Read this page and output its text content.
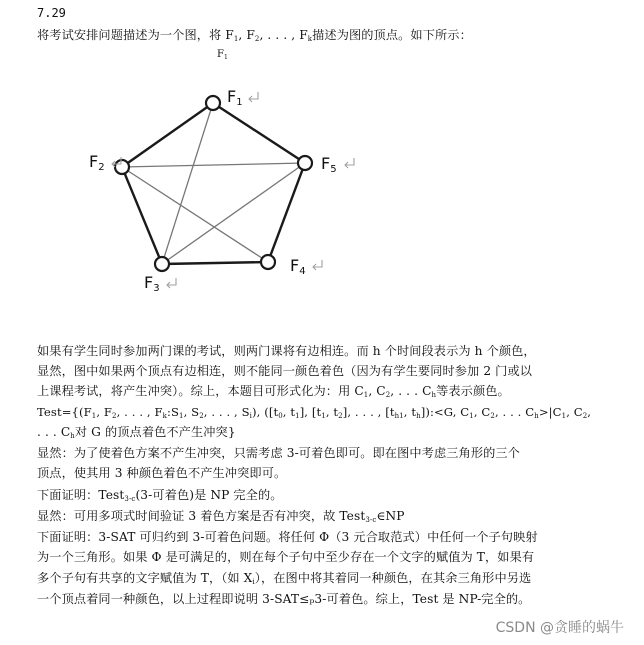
7.29
将考试安排问题描述为一个图，将 $F_1$, $F_2$, . . . , $F_k$描述为图的顶点。如下所示：
$F_1$
F1
F2
F3
F4
F5
如果有学生同时参加两门课的考试，则两门课将有边相连。而 h 个时间段表示为 h 个颜色，
显然，图中如果两个顶点有边相连，则不能同一颜色着色（因为有学生要同时参加 2 门或以
上课程考试，将产生冲突）。综上，本题目可形式化为：用 $C_1$, $C_2$, . . . $C_h$等表示颜色。
$Test=\{(F_1$, $F_2$, . . . , $F_k:S_1$, $S_2$, . . . , $S_i$), ([$t_0$, $t_1$], [$t_1$, $t_2$], . . . , [$t_{h1}$, $t_h]):<G$, $C_1$, $C_2$, . . . $C_h>|C_1$, $C_2$,
. . . $C_h$对 G 的顶点着色不产生冲突}
显然：为了使着色方案不产生冲突，只需考虑 3-可着色即可。即在图中考虑三角形的三个
顶点，使其用 3 种颜色着色不产生冲突即可。
下面证明：Test$_{3-c}$(3-可着色)是 NP 完全的。
显然：可用多项式时间验证 3 着色方案是否有冲突，故 Test$_{3-c}$∈NP
下面证明：3-SAT 可归约到 3-可着色问题。将任何 Φ（3 元合取范式）中任何一个子句映射
为一个三角形。如果 Φ 是可满足的，则在每个子句中至少存在一个文字的赋值为 T，如果有
多个子句有共享的文字赋值为 T，（如 $X_i$），在图中将其着同一种颜色，在其余三角形中另选
一个顶点着同一种颜色，以上过程即说明 3-SAT≤ₚ3-可着色。综上，Test 是 NP-完全的。
CSDN @贪睡的蜗牛
